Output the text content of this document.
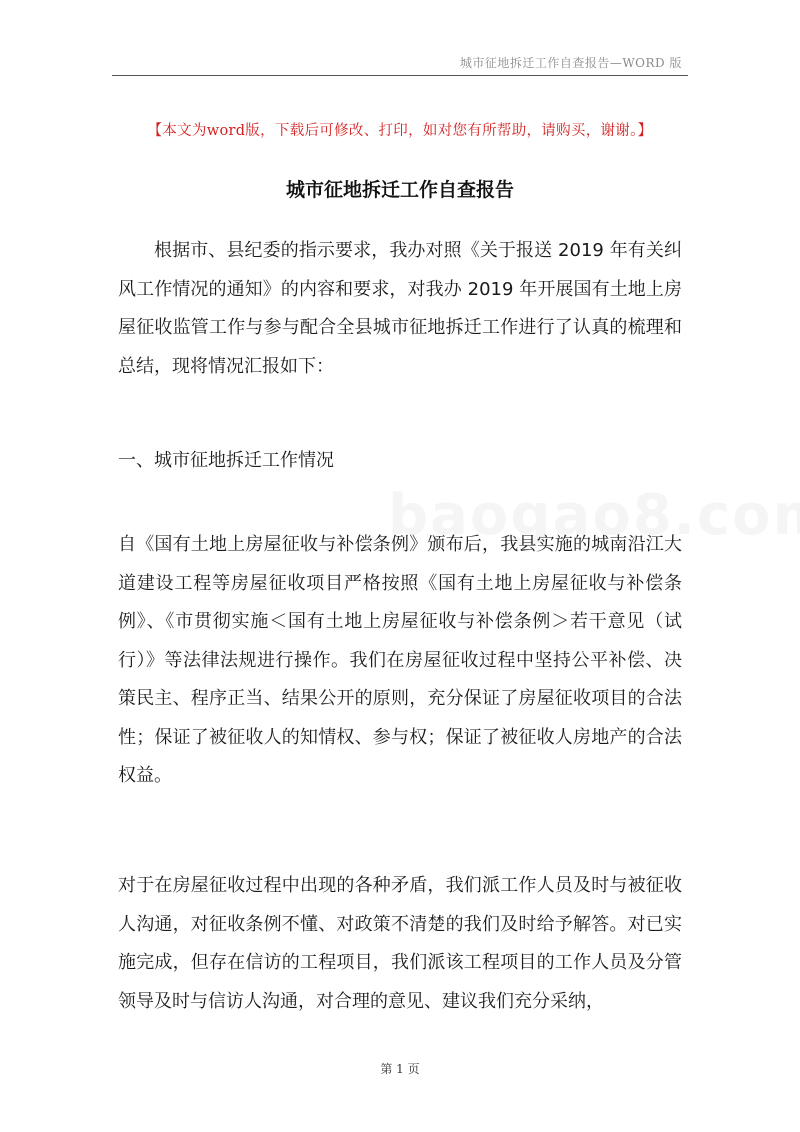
城市征地拆迁工作自查报告—WORD 版
【本文为word版，下载后可修改、打印，如对您有所帮助，请购买，谢谢。】
城市征地拆迁工作自查报告

根据市、县纪委的指示要求，我办对照《关于报送 2019 年有关纠风工作情况的通知》的内容和要求，对我办 2019 年开展国有土地上房屋征收监管工作与参与配合全县城市征地拆迁工作进行了认真的梳理和总结，现将情况汇报如下：

一、城市征地拆迁工作情况

自《国有土地上房屋征收与补偿条例》颁布后，我县实施的城南沿江大道建设工程等房屋征收项目严格按照《国有土地上房屋征收与补偿条例》、《市贯彻实施＜国有土地上房屋征收与补偿条例＞若干意见（试行）》等法律法规进行操作。我们在房屋征收过程中坚持公平补偿、决策民主、程序正当、结果公开的原则，充分保证了房屋征收项目的合法性；保证了被征收人的知情权、参与权；保证了被征收人房地产的合法权益。

对于在房屋征收过程中出现的各种矛盾，我们派工作人员及时与被征收人沟通，对征收条例不懂、对政策不清楚的我们及时给予解答。对已实施完成，但存在信访的工程项目，我们派该工程项目的工作人员及分管领导及时与信访人沟通，对合理的意见、建议我们充分采纳，

第 1 页
